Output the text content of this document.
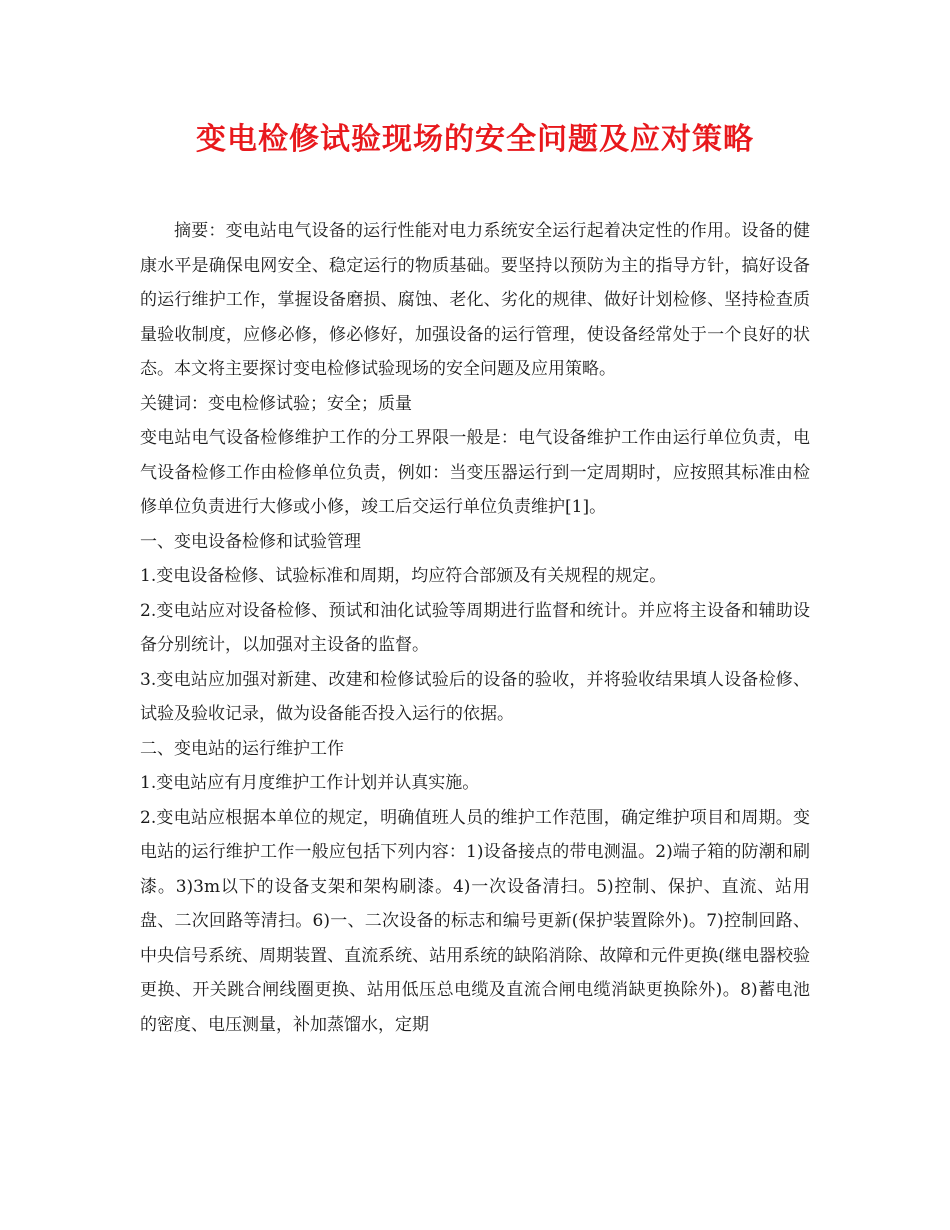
变电检修试验现场的安全问题及应对策略

摘要：变电站电气设备的运行性能对电力系统安全运行起着决定性的作用。设备的健康水平是确保电网安全、稳定运行的物质基础。要坚持以预防为主的指导方针，搞好设备的运行维护工作，掌握设备磨损、腐蚀、老化、劣化的规律、做好计划检修、坚持检查质量验收制度，应修必修，修必修好，加强设备的运行管理，使设备经常处于一个良好的状态。本文将主要探讨变电检修试验现场的安全问题及应用策略。

关键词：变电检修试验；安全；质量

变电站电气设备检修维护工作的分工界限一般是：电气设备维护工作由运行单位负责，电气设备检修工作由检修单位负责，例如：当变压器运行到一定周期时，应按照其标准由检修单位负责进行大修或小修，竣工后交运行单位负责维护[1]。

一、变电设备检修和试验管理

1.变电设备检修、试验标准和周期，均应符合部颁及有关规程的规定。

2.变电站应对设备检修、预试和油化试验等周期进行监督和统计。并应将主设备和辅助设备分别统计，以加强对主设备的监督。

3.变电站应加强对新建、改建和检修试验后的设备的验收，并将验收结果填人设备检修、试验及验收记录，做为设备能否投入运行的依据。

二、变电站的运行维护工作

1.变电站应有月度维护工作计划并认真实施。

2.变电站应根据本单位的规定，明确值班人员的维护工作范围，确定维护项目和周期。变电站的运行维护工作一般应包括下列内容：1)设备接点的带电测温。2)端子箱的防潮和刷漆。3)3m以下的设备支架和架构刷漆。4)一次设备清扫。5)控制、保护、直流、站用盘、二次回路等清扫。6)一、二次设备的标志和编号更新(保护装置除外)。7)控制回路、中央信号系统、周期装置、直流系统、站用系统的缺陷消除、故障和元件更换(继电器校验更换、开关跳合闸线圈更换、站用低压总电缆及直流合闸电缆消缺更换除外)。8)蓄电池的密度、电压测量，补加蒸馏水，定期
